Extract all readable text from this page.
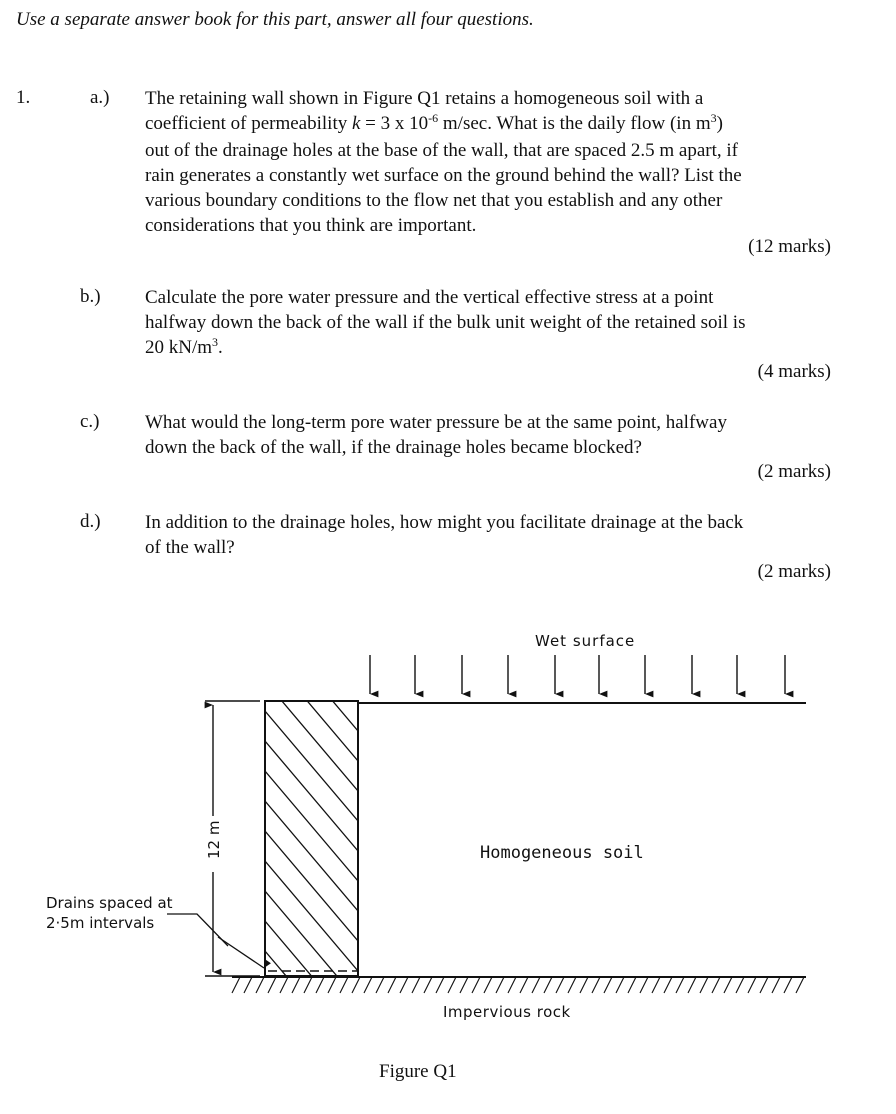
Use a separate answer book for this part, answer all four questions.
1.	a.) The retaining wall shown in Figure Q1 retains a homogeneous soil with a
coefficient of permeability k = 3 x $10^{-6}$ m/sec. What is the daily flow (in $m^3$)
out of the drainage holes at the base of the wall, that are spaced 2.5 m apart, if
rain generates a constantly wet surface on the ground behind the wall? List the
various boundary conditions to the flow net that you establish and any other
considerations that you think are important.
(12 marks)
b.) Calculate the pore water pressure and the vertical effective stress at a point
halfway down the back of the wall if the bulk unit weight of the retained soil is
20 $kN/m^3$.
(4 marks)
c.) What would the long-term pore water pressure be at the same point, halfway
down the back of the wall, if the drainage holes became blocked?
(2 marks)
d.) In addition to the drainage holes, how might you facilitate drainage at the back
of the wall?
(2 marks)
Wet surface
Homogeneous soil
12 m
Drains spaced at
2·5m intervals
Impervious rock
Figure Q1
